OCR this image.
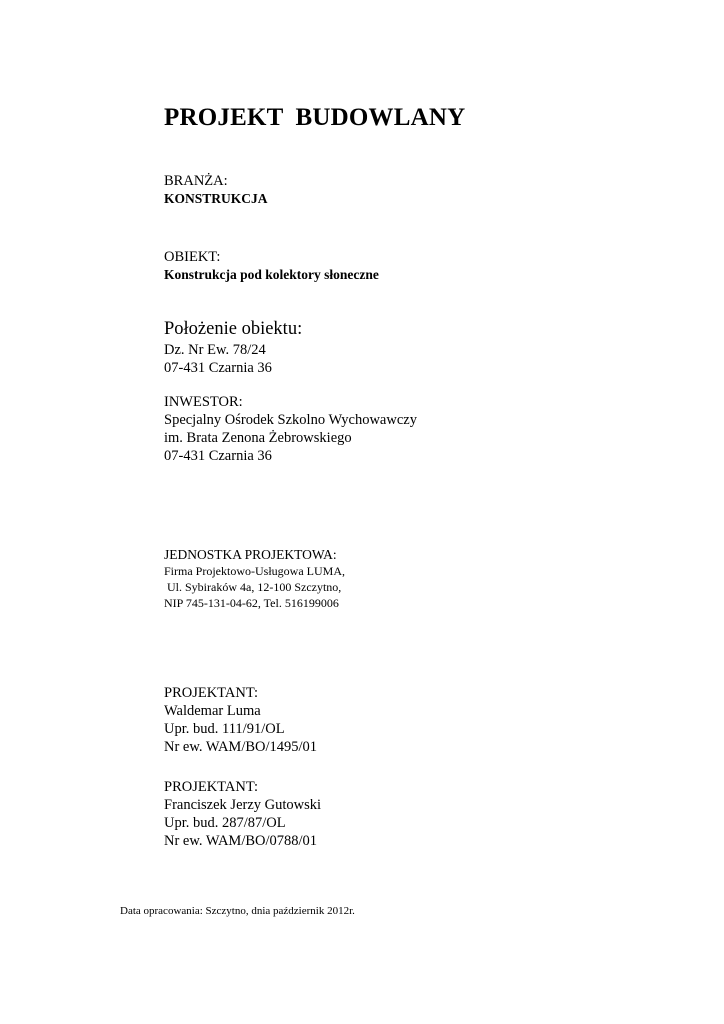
PROJEKT BUDOWLANY
BRANŻA:
KONSTRUKCJA
OBIEKT:
Konstrukcja pod kolektory słoneczne
Położenie obiektu:
Dz. Nr Ew. 78/24
07-431 Czarnia 36
INWESTOR:
Specjalny Ośrodek Szkolno Wychowawczy
im. Brata Zenona Żebrowskiego
07-431 Czarnia 36
JEDNOSTKA PROJEKTOWA:
Firma Projektowo-Usługowa LUMA,
Ul. Sybiraków 4a, 12-100 Szczytno,
NIP 745-131-04-62, Tel. 516199006
PROJEKTANT:
Waldemar Luma
Upr. bud. 111/91/OL
Nr ew. WAM/BO/1495/01
PROJEKTANT:
Franciszek Jerzy Gutowski
Upr. bud. 287/87/OL
Nr ew. WAM/BO/0788/01
Data opracowania: Szczytno, dnia październik 2012r.
